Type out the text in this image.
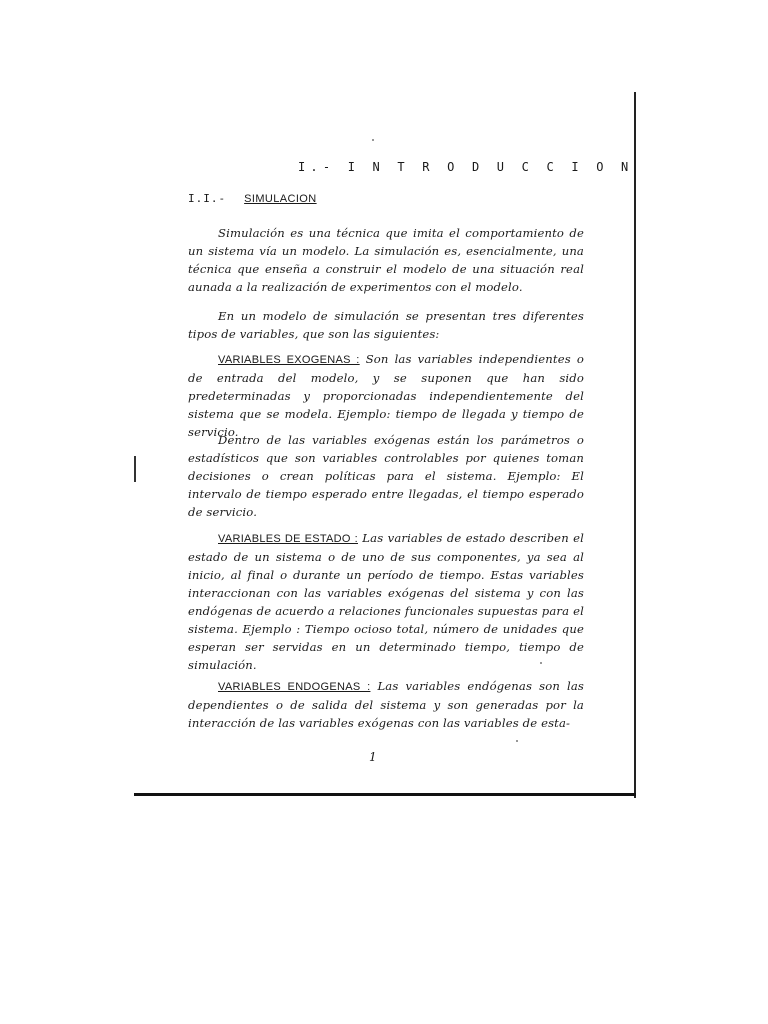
I.- I N T R O D U C C I O N
I.I.- SIMULACION

Simulación es una técnica que imita el comportamiento de un sistema vía un modelo. La simulación es, esencialmente, una técnica que enseña a construir el modelo de una situación real aunada a la realización de experimentos con el modelo.

En un modelo de simulación se presentan tres diferentes tipos de variables, que son las siguientes:

VARIABLES EXOGENAS : Son las variables independientes o de entrada del modelo, y se suponen que han sido predeterminadas y proporcionadas independientemente del sistema que se modela. Ejemplo: tiempo de llegada y tiempo de servicio.

Dentro de las variables exógenas están los parámetros o estadísticos que son variables controlables por quienes toman decisiones o crean políticas para el sistema. Ejemplo: El intervalo de tiempo esperado entre llegadas, el tiempo esperado de servicio.

VARIABLES DE ESTADO : Las variables de estado describen el estado de un sistema o de uno de sus componentes, ya sea al inicio, al final o durante un período de tiempo. Estas variables interaccionan con las variables exógenas del sistema y con las endógenas de acuerdo a relaciones funcionales supuestas para el sistema. Ejemplo : Tiempo ocioso total, número de unidades que esperan ser servidas en un determinado tiempo, tiempo de simulación.

VARIABLES ENDOGENAS : Las variables endógenas son las dependientes o de salida del sistema y son generadas por la interacción de las variables exógenas con las variables de esta-

1
